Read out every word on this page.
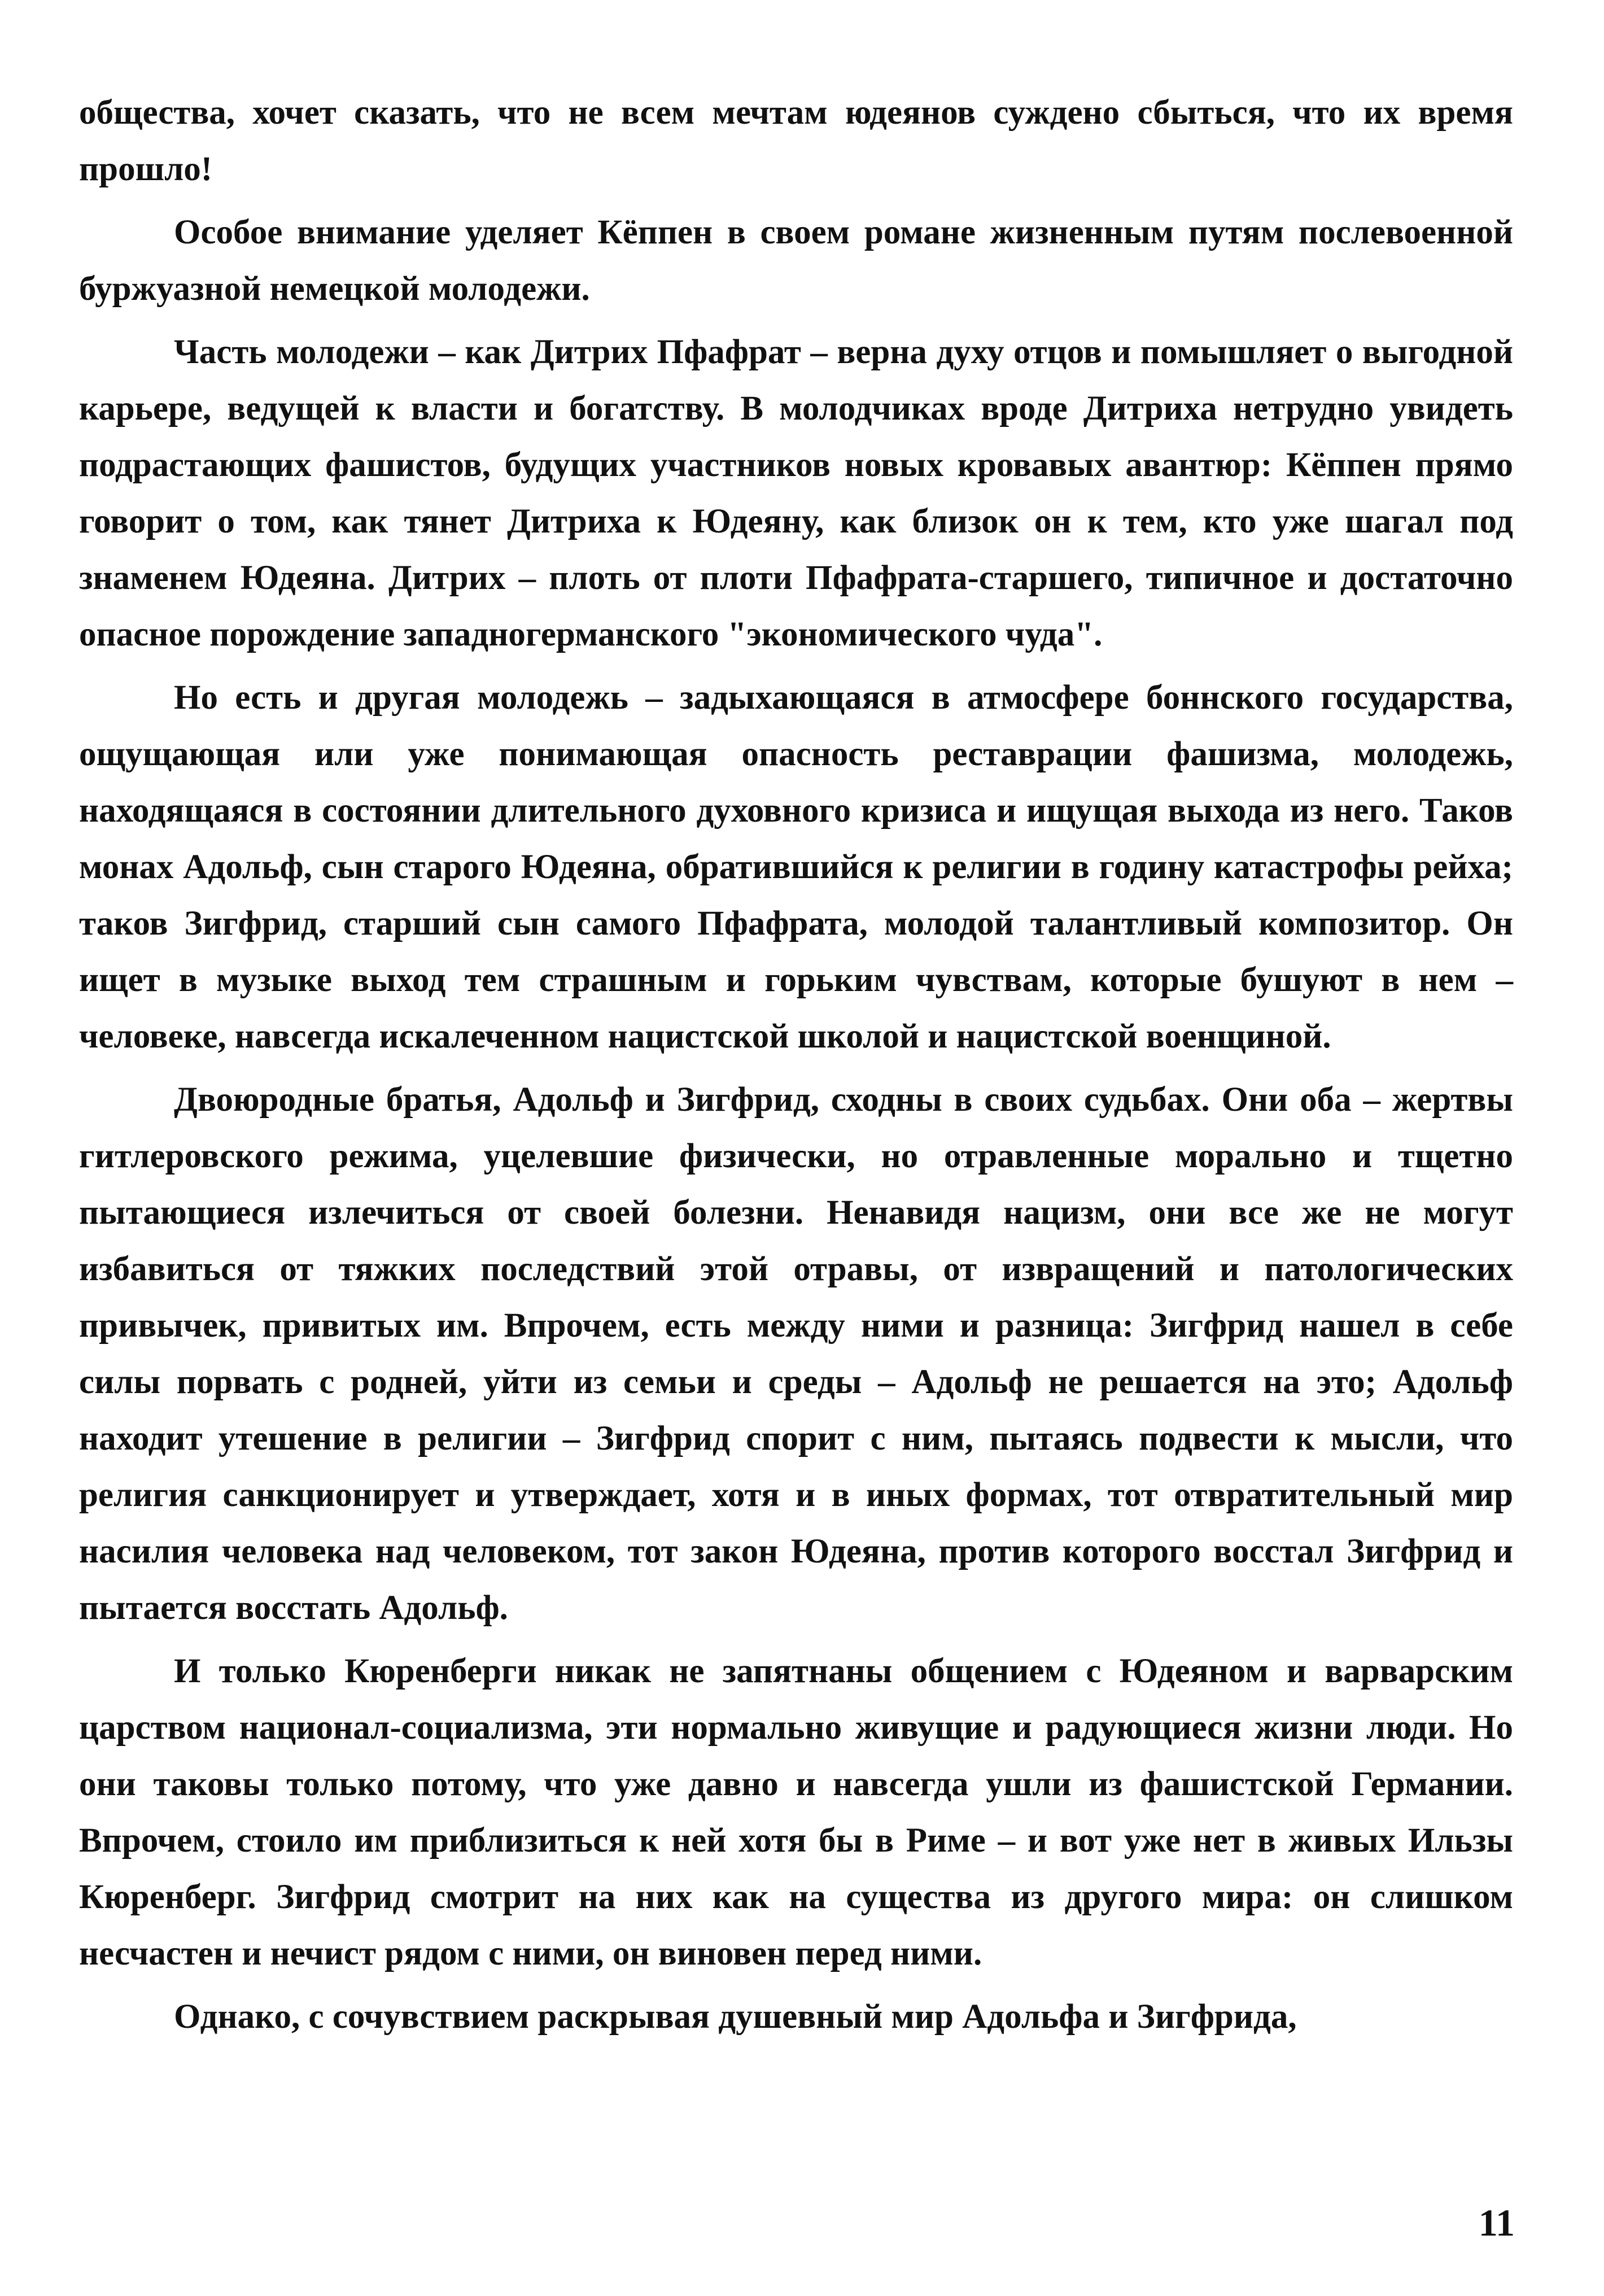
общества, хочет сказать, что не всем мечтам юдеянов суждено сбыться, что их время прошло!

Особое внимание уделяет Кёппен в своем романе жизненным путям послевоенной буржуазной немецкой молодежи.

Часть молодежи – как Дитрих Пфафрат – верна духу отцов и помышляет о выгодной карьере, ведущей к власти и богатству. В молодчиках вроде Дитриха нетрудно увидеть подрастающих фашистов, будущих участников новых кровавых авантюр: Кёппен прямо говорит о том, как тянет Дитриха к Юдеяну, как близок он к тем, кто уже шагал под знаменем Юдеяна. Дитрих – плоть от плоти Пфафрата-старшего, типичное и достаточно опасное порождение западногерманского "экономического чуда".

Но есть и другая молодежь – задыхающаяся в атмосфере боннского государства, ощущающая или уже понимающая опасность реставрации фашизма, молодежь, находящаяся в состоянии длительного духовного кризиса и ищущая выхода из него. Таков монах Адольф, сын старого Юдеяна, обратившийся к религии в годину катастрофы рейха; таков Зигфрид, старший сын самого Пфафрата, молодой талантливый композитор. Он ищет в музыке выход тем страшным и горьким чувствам, которые бушуют в нем – человеке, навсегда искалеченном нацистской школой и нацистской военщиной.

Двоюродные братья, Адольф и Зигфрид, сходны в своих судьбах. Они оба – жертвы гитлеровского режима, уцелевшие физически, но отравленные морально и тщетно пытающиеся излечиться от своей болезни. Ненавидя нацизм, они все же не могут избавиться от тяжких последствий этой отравы, от извращений и патологических привычек, привитых им. Впрочем, есть между ними и разница: Зигфрид нашел в себе силы порвать с родней, уйти из семьи и среды – Адольф не решается на это; Адольф находит утешение в религии – Зигфрид спорит с ним, пытаясь подвести к мысли, что религия санкционирует и утверждает, хотя и в иных формах, тот отвратительный мир насилия человека над человеком, тот закон Юдеяна, против которого восстал Зигфрид и пытается восстать Адольф.

И только Кюренберги никак не запятнаны общением с Юдеяном и варварским царством национал-социализма, эти нормально живущие и радующиеся жизни люди. Но они таковы только потому, что уже давно и навсегда ушли из фашистской Германии. Впрочем, стоило им приблизиться к ней хотя бы в Риме – и вот уже нет в живых Ильзы Кюренберг. Зигфрид смотрит на них как на существа из другого мира: он слишком несчастен и нечист рядом с ними, он виновен перед ними.

Однако, с сочувствием раскрывая душевный мир Адольфа и Зигфрида,

11
